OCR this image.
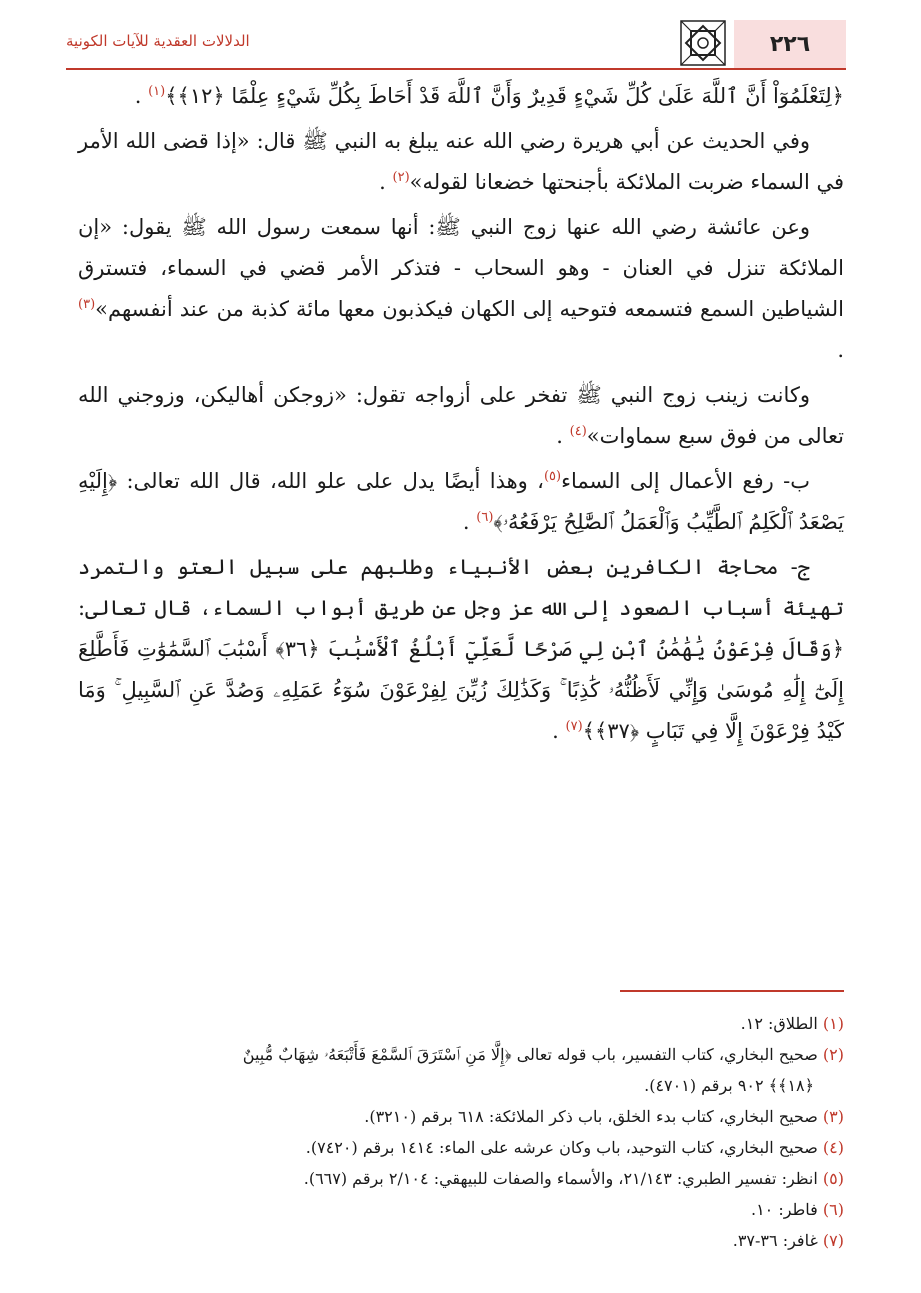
الدلالات العقدية للآيات الكونية	٢٢٦

﴿لِتَعْلَمُوٓاْ أَنَّ ٱللَّهَ عَلَىٰ كُلِّ شَيْءٍ قَدِيرٌ وَأَنَّ ٱللَّهَ قَدْ أَحَاطَ بِكُلِّ شَيْءٍ عِلْمًا ﴿١٢﴾﴾$^{(١)}$ .

وفي الحديث عن أبي هريرة رضي الله عنه يبلغ به النبي ﷺ قال: «إذا قضى الله الأمر في السماء ضربت الملائكة بأجنحتها خضعانا لقوله»$^{(٢)}$ .

وعن عائشة رضي الله عنها زوج النبي ﷺ: أنها سمعت رسول الله ﷺ يقول: «إن الملائكة تنزل في العنان - وهو السحاب - فتذكر الأمر قضي في السماء، فتسترق الشياطين السمع فتسمعه فتوحيه إلى الكهان فيكذبون معها مائة كذبة من عند أنفسهم»$^{(٣)}$ .

وكانت زينب زوج النبي ﷺ تفخر على أزواجه تقول: «زوجكن أهاليكن، وزوجني الله تعالى من فوق سبع سماوات»$^{(٤)}$ .

ب- رفع الأعمال إلى السماء$^{(٥)}$، وهذا أيضًا يدل على علو الله، قال الله تعالى: ﴿إِلَيْهِ يَصْعَدُ ٱلْكَلِمُ ٱلطَّيِّبُ وَٱلْعَمَلُ ٱلصَّٰلِحُ يَرْفَعُهُۥ﴾$^{(٦)}$ .

ج- محاجة الكافرين بعض الأنبياء وطلبهم على سبيل العتو والتمرد تهيئة أسباب الصعود إلى الله عز وجل عن طريق أبواب السماء، قال تعالى: ﴿وَقَالَ فِرْعَوْنُ يَٰهَٰمَٰنُ ٱبْنِ لِي صَرْحًا لَّعَلِّيٓ أَبْلُغُ ٱلْأَسْبَٰبَ ﴿٣٦﴾ أَسْبَٰبَ ٱلسَّمَٰوَٰتِ فَأَطَّلِعَ إِلَىٰٓ إِلَٰهِ مُوسَىٰ وَإِنِّي لَأَظُنُّهُۥ كَٰذِبًا ۚ وَكَذَٰلِكَ زُيِّنَ لِفِرْعَوْنَ سُوٓءُ عَمَلِهِۦ وَصُدَّ عَنِ ٱلسَّبِيلِ ۚ وَمَا كَيْدُ فِرْعَوْنَ إِلَّا فِي تَبَابٍ ﴿٣٧﴾﴾$^{(٧)}$ .

(١) الطلاق: ١٢.

(٢) صحيح البخاري، كتاب التفسير، باب قوله تعالى ﴿إِلَّا مَنِ ٱسْتَرَقَ ٱلسَّمْعَ فَأَتْبَعَهُۥ شِهَابٌ مُّبِينٌ

﴿١٨﴾﴾ ٩٠٢ برقم (٤٧٠١).

(٣) صحيح البخاري، كتاب بدء الخلق، باب ذكر الملائكة: ٦١٨ برقم (٣٢١٠).

(٤) صحيح البخاري، كتاب التوحيد، باب وكان عرشه على الماء: ١٤١٤ برقم (٧٤٢٠).

(٥) انظر: تفسير الطبري: ٢١/١٤٣، والأسماء والصفات للبيهقي: ٢/١٠٤ برقم (٦٦٧).

(٦) فاطر: ١٠.

(٧) غافر: ٣٦-٣٧.
